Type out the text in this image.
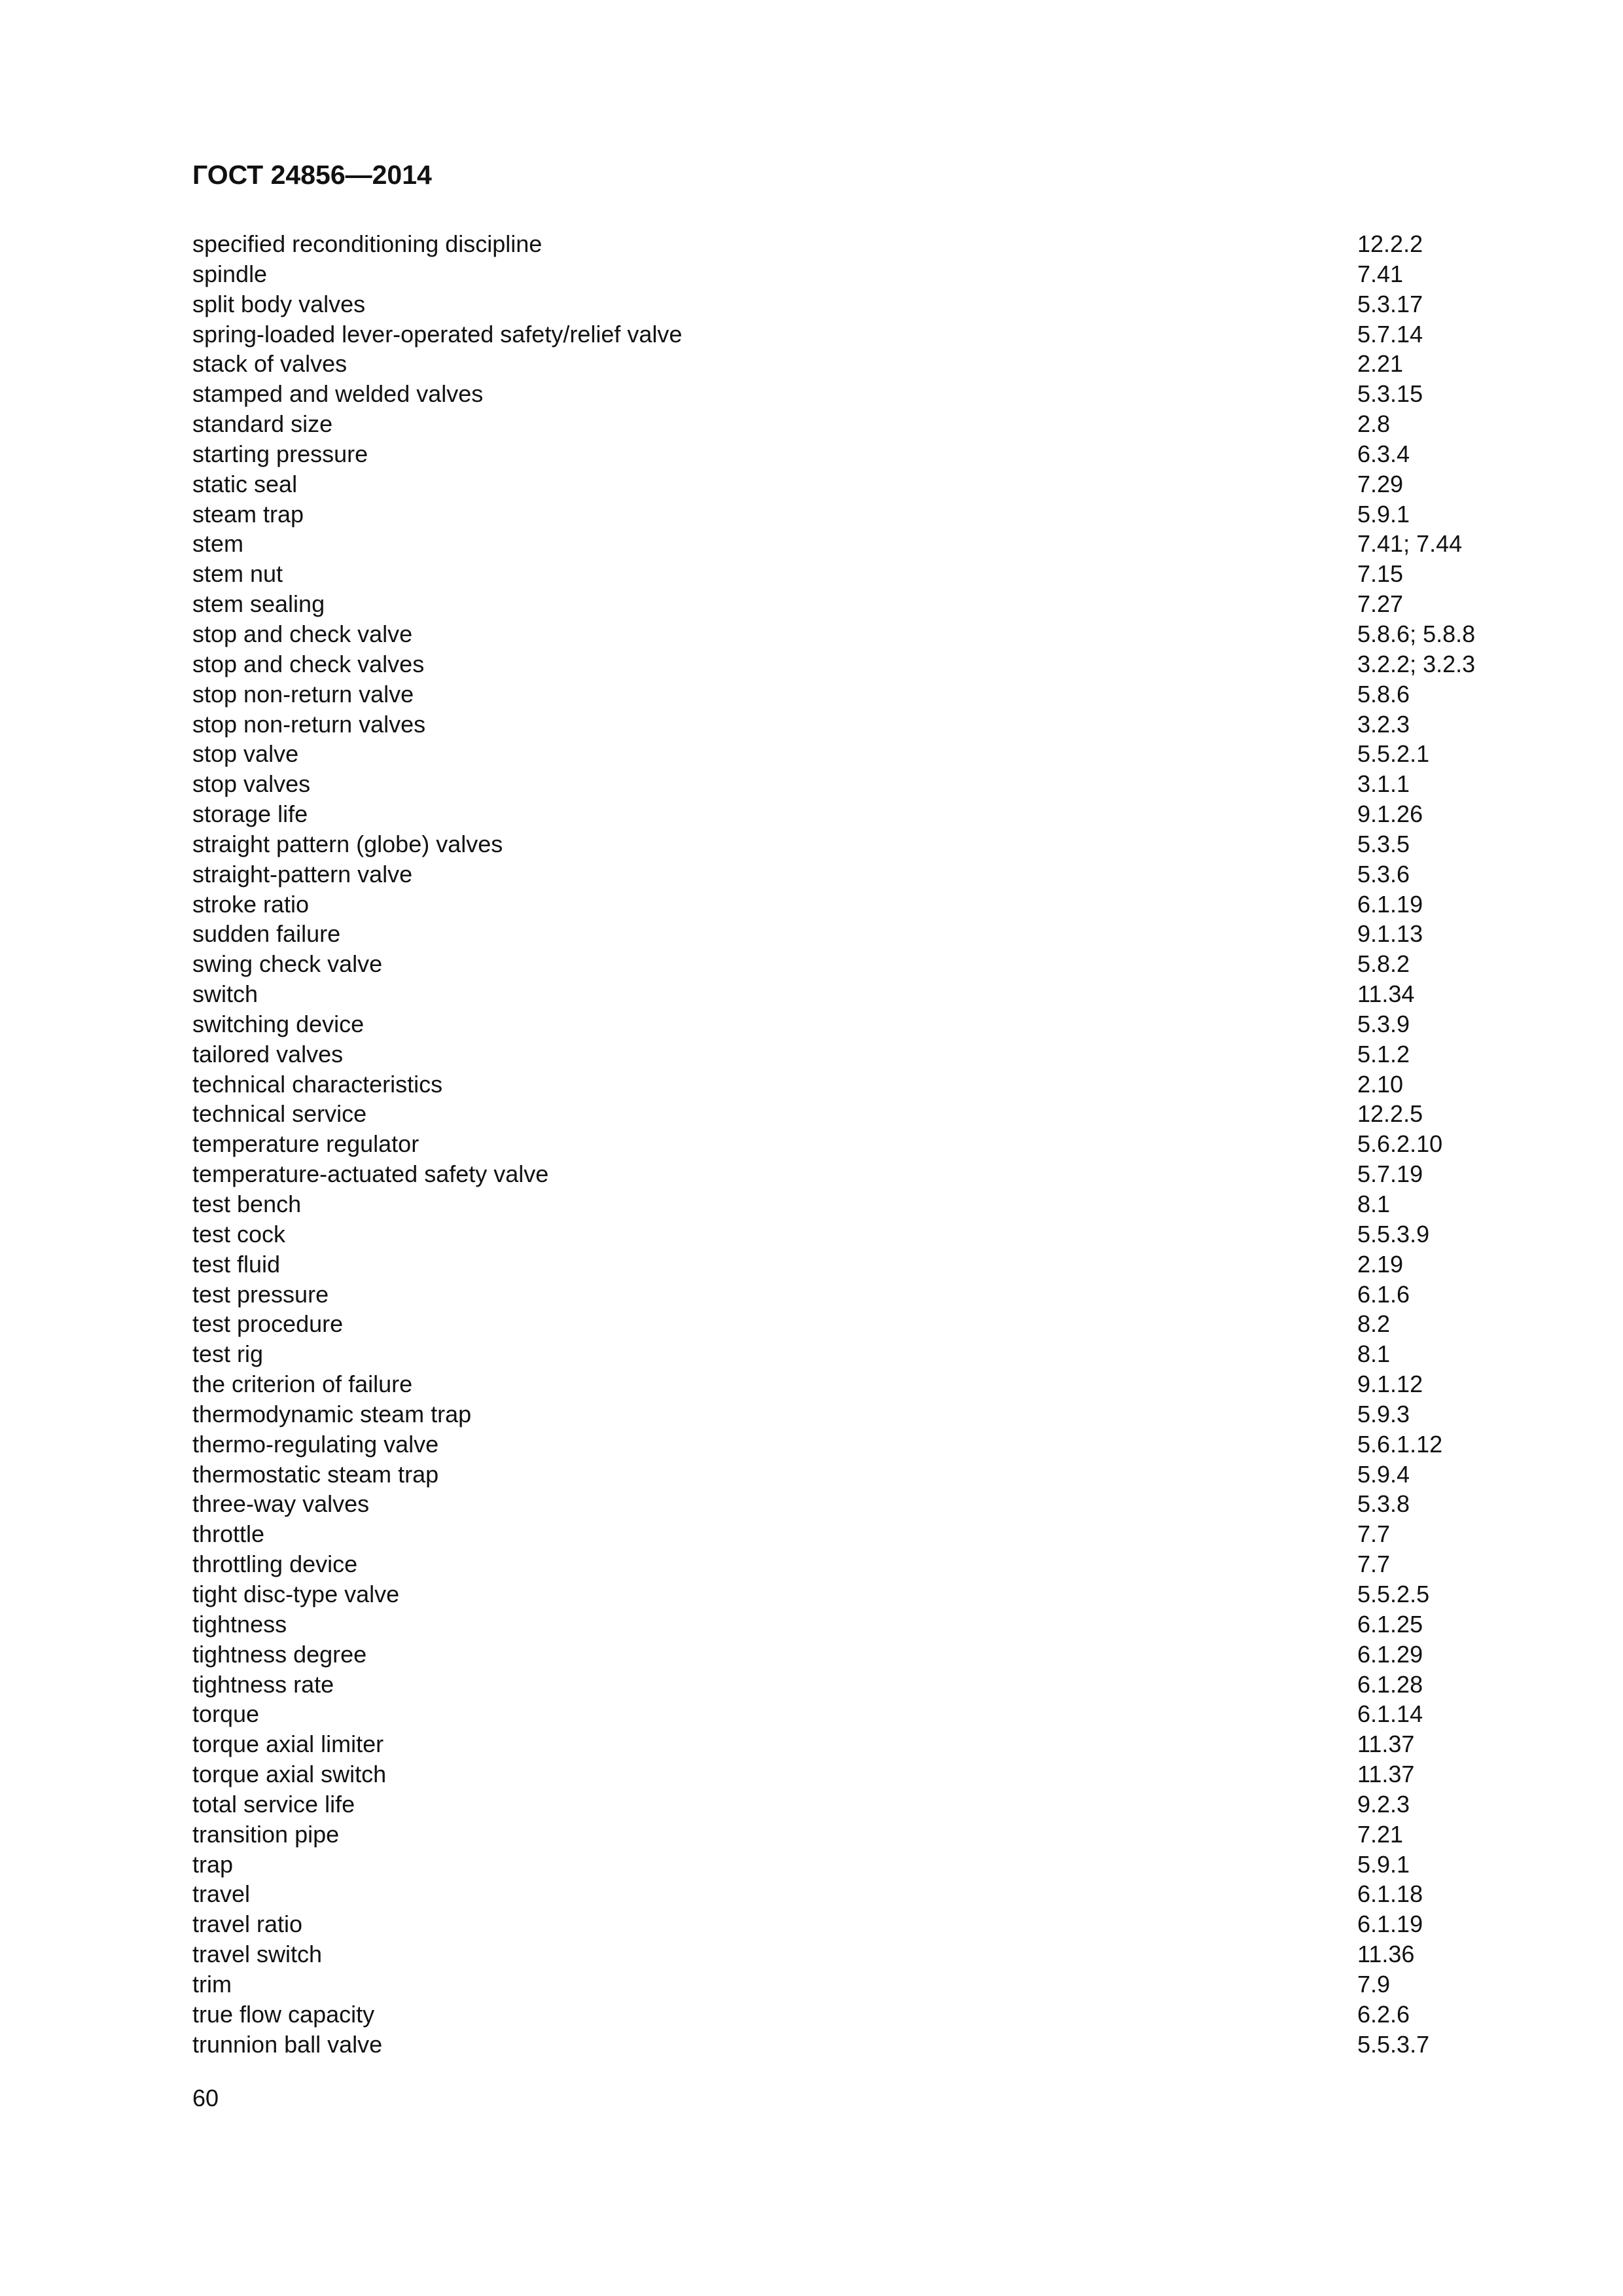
ГОСТ 24856—2014
specified reconditioning discipline	12.2.2
spindle	7.41
split body valves	5.3.17
spring-loaded lever-operated safety/relief valve	5.7.14
stack of valves	2.21
stamped and welded valves	5.3.15
standard size	2.8
starting pressure	6.3.4
static seal	7.29
steam trap	5.9.1
stem	7.41; 7.44
stem nut	7.15
stem sealing	7.27
stop and check valve	5.8.6; 5.8.8
stop and check valves	3.2.2; 3.2.3
stop non-return valve	5.8.6
stop non-return valves	3.2.3
stop valve	5.5.2.1
stop valves	3.1.1
storage life	9.1.26
straight pattern (globe) valves	5.3.5
straight-pattern valve	5.3.6
stroke ratio	6.1.19
sudden failure	9.1.13
swing check valve	5.8.2
switch	11.34
switching device	5.3.9
tailored valves	5.1.2
technical characteristics	2.10
technical service	12.2.5
temperature regulator	5.6.2.10
temperature-actuated safety valve	5.7.19
test bench	8.1
test cock	5.5.3.9
test fluid	2.19
test pressure	6.1.6
test procedure	8.2
test rig	8.1
the criterion of failure	9.1.12
thermodynamic steam trap	5.9.3
thermo-regulating valve	5.6.1.12
thermostatic steam trap	5.9.4
three-way valves	5.3.8
throttle	7.7
throttling device	7.7
tight disc-type valve	5.5.2.5
tightness	6.1.25
tightness degree	6.1.29
tightness rate	6.1.28
torque	6.1.14
torque axial limiter	11.37
torque axial switch	11.37
total service life	9.2.3
transition pipe	7.21
trap	5.9.1
travel	6.1.18
travel ratio	6.1.19
travel switch	11.36
trim	7.9
true flow capacity	6.2.6
trunnion ball valve	5.5.3.7
60
